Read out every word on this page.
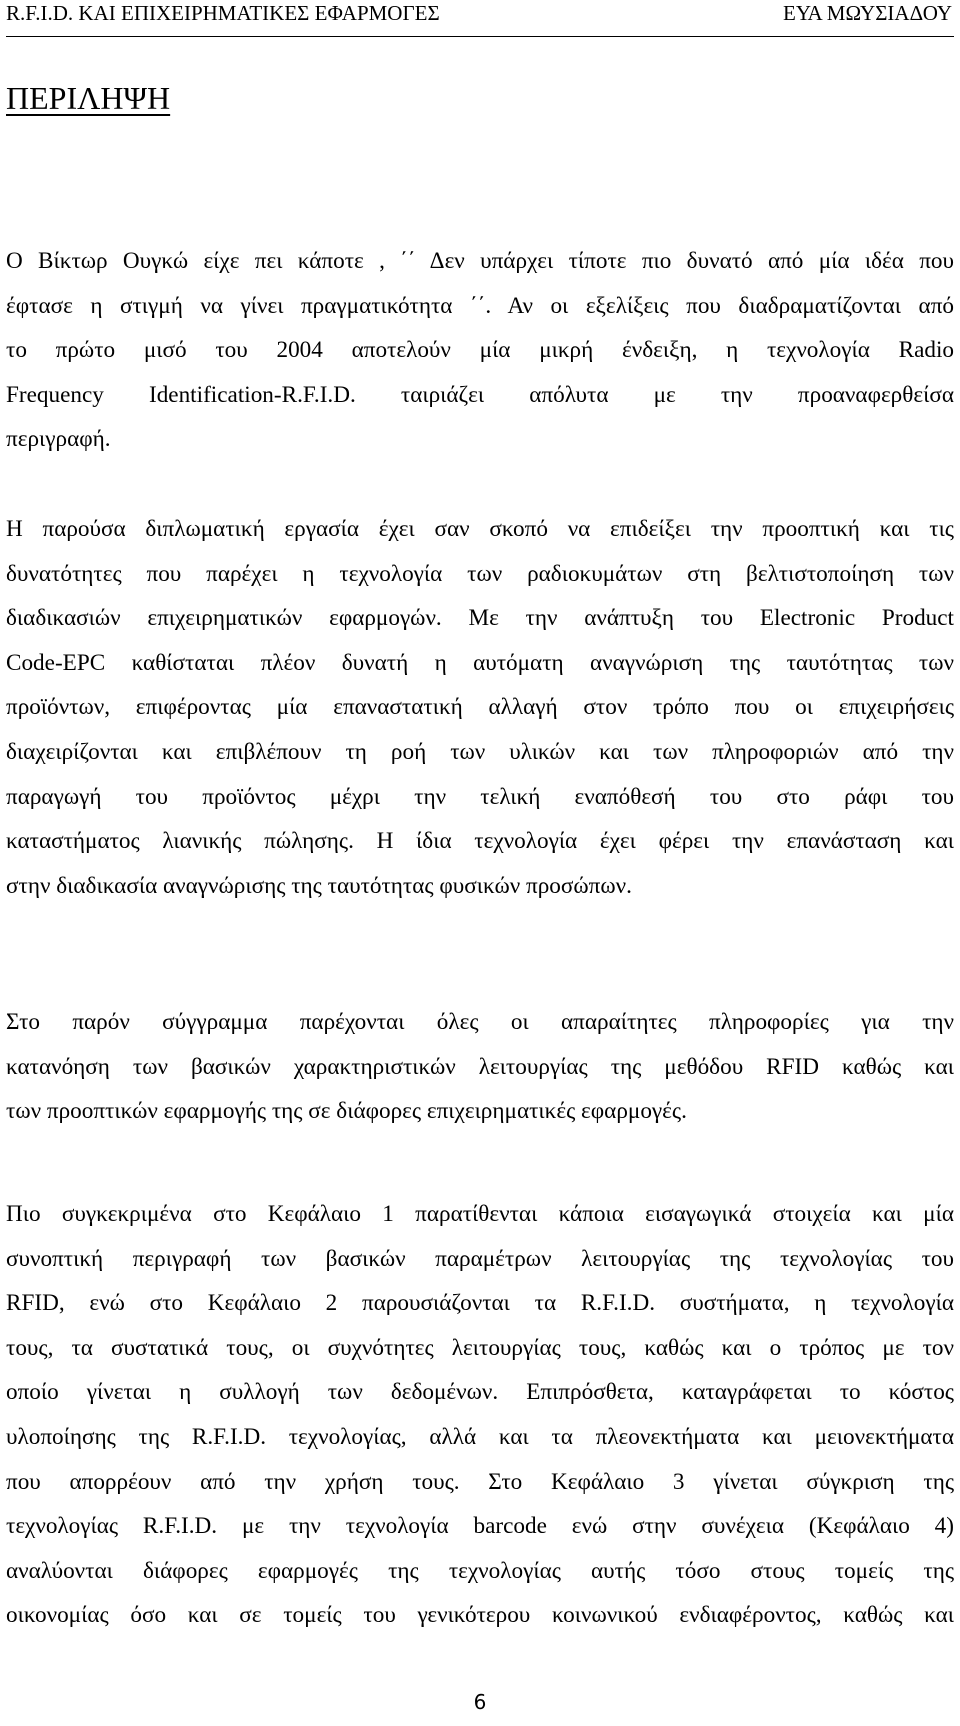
R.F.I.D. ΚΑΙ ΕΠΙΧΕΙΡΗΜΑΤΙΚΕΣ ΕΦΑΡΜΟΓΕΣ	ΕΥΑ ΜΩΥΣΙΑΔΟΥ
ΠΕΡΙΛΗΨΗ

Ο Βίκτωρ Ουγκώ είχε πει κάποτε , ΄΄ Δεν υπάρχει τίποτε πιο δυνατό από μία ιδέα που
έφτασε η στιγμή να γίνει πραγματικότητα ΄΄. Αν οι εξελίξεις που διαδραματίζονται από
το πρώτο μισό του 2004 αποτελούν μία μικρή ένδειξη, η τεχνολογία Radio
Frequency Identification-R.F.I.D. ταιριάζει απόλυτα με την προαναφερθείσα
περιγραφή.

Η παρούσα διπλωματική εργασία έχει σαν σκοπό να επιδείξει την προοπτική και τις
δυνατότητες που παρέχει η τεχνολογία των ραδιοκυμάτων στη βελτιστοποίηση των
διαδικασιών επιχειρηματικών εφαρμογών. Με την ανάπτυξη του Electronic Product
Code-EPC καθίσταται πλέον δυνατή η αυτόματη αναγνώριση της ταυτότητας των
προϊόντων, επιφέροντας μία επαναστατική αλλαγή στον τρόπο που οι επιχειρήσεις
διαχειρίζονται και επιβλέπουν τη ροή των υλικών και των πληροφοριών από την
παραγωγή του προϊόντος μέχρι την τελική εναπόθεσή του στο ράφι του
καταστήματος λιανικής πώλησης. Η ίδια τεχνολογία έχει φέρει την επανάσταση και
στην διαδικασία αναγνώρισης της ταυτότητας φυσικών προσώπων.

Στο παρόν σύγγραμμα παρέχονται όλες οι απαραίτητες πληροφορίες για την
κατανόηση των βασικών χαρακτηριστικών λειτουργίας της μεθόδου RFID καθώς και
των προοπτικών εφαρμογής της σε διάφορες επιχειρηματικές εφαρμογές.

Πιο συγκεκριμένα στο Κεφάλαιο 1 παρατίθενται κάποια εισαγωγικά στοιχεία και μία
συνοπτική περιγραφή των βασικών παραμέτρων λειτουργίας της τεχνολογίας του
RFID, ενώ στο Κεφάλαιο 2 παρουσιάζονται τα R.F.I.D. συστήματα, η τεχνολογία
τους, τα συστατικά τους, οι συχνότητες λειτουργίας τους, καθώς και ο τρόπος με τον
οποίο γίνεται η συλλογή των δεδομένων. Επιπρόσθετα, καταγράφεται το κόστος
υλοποίησης της R.F.I.D. τεχνολογίας, αλλά και τα πλεονεκτήματα και μειονεκτήματα
που απορρέουν από την χρήση τους. Στο Κεφάλαιο 3 γίνεται σύγκριση της
τεχνολογίας R.F.I.D. με την τεχνολογία barcode ενώ στην συνέχεια (Κεφάλαιο 4)
αναλύονται διάφορες εφαρμογές της τεχνολογίας αυτής τόσο στους τομείς της
οικονομίας όσο και σε τομείς του γενικότερου κοινωνικού ενδιαφέροντος, καθώς και

6
